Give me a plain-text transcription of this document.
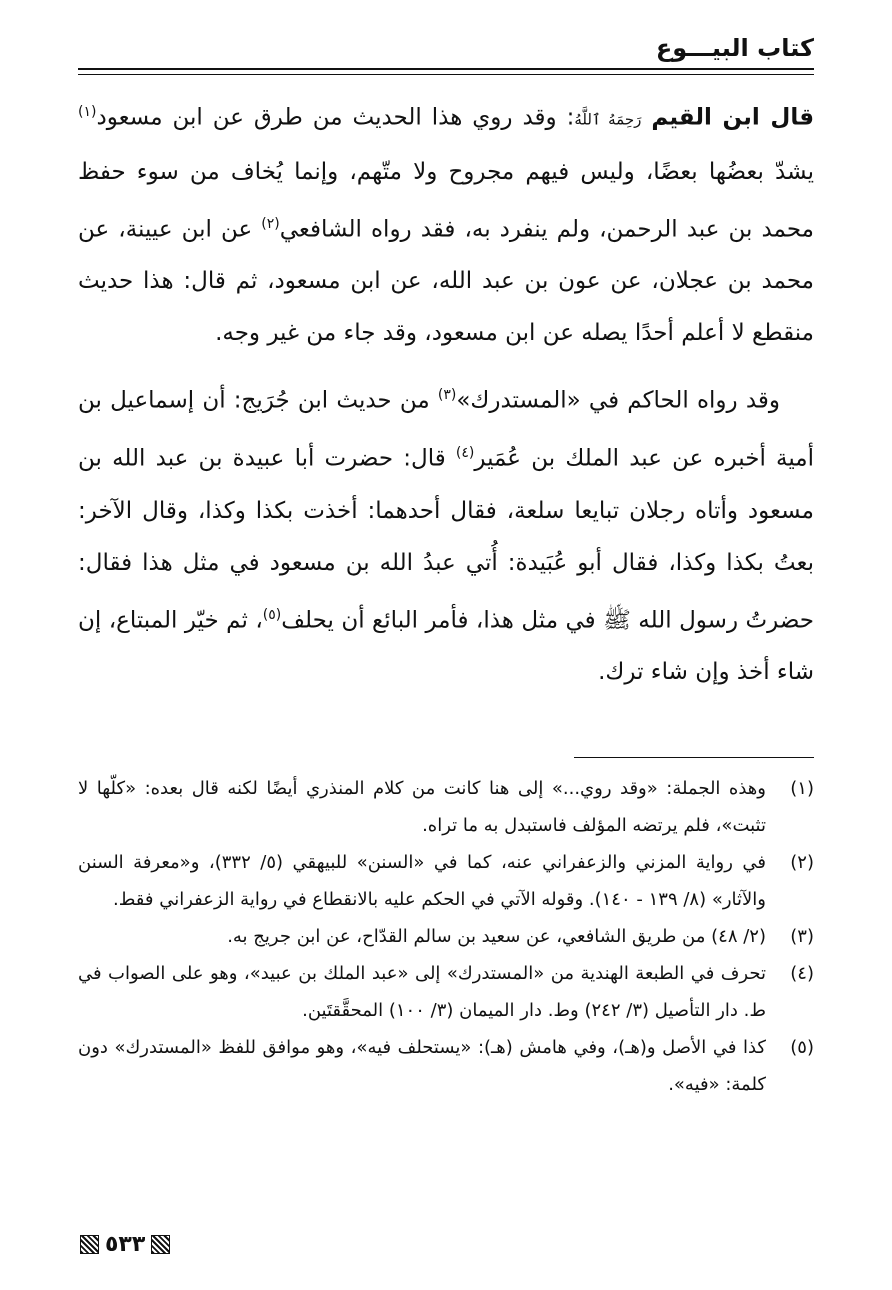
كتاب البيـــوع

قال ابن القيم رَحِمَهُ ٱللَّهُ: وقد روي هذا الحديث من طرق عن ابن مسعود$^{(١)}$ يشدّ بعضُها بعضًا، وليس فيهم مجروح ولا متّهم، وإنما يُخاف من سوء حفظ محمد بن عبد الرحمن، ولم ينفرد به، فقد رواه الشافعي$^{(٢)}$ عن ابن عيينة، عن محمد بن عجلان، عن عون بن عبد الله، عن ابن مسعود، ثم قال: هذا حديث منقطع لا أعلم أحدًا يصله عن ابن مسعود، وقد جاء من غير وجه.

وقد رواه الحاكم في «المستدرك»$^{(٣)}$ من حديث ابن جُرَيج: أن إسماعيل بن أمية أخبره عن عبد الملك بن عُمَير$^{(٤)}$ قال: حضرت أبا عبيدة بن عبد الله بن مسعود وأتاه رجلان تبايعا سلعة، فقال أحدهما: أخذت بكذا وكذا، وقال الآخر: بعتُ بكذا وكذا، فقال أبو عُبَيدة: أُتي عبدُ الله بن مسعود في مثل هذا فقال: حضرتُ رسول الله ﷺ في مثل هذا، فأمر البائع أن يحلف$^{(٥)}$، ثم خيّر المبتاع، إن شاء أخذ وإن شاء ترك.

(١)
وهذه الجملة: «وقد روي...» إلى هنا كانت من كلام المنذري أيضًا لكنه قال بعده: «كلّها لا تثبت»، فلم يرتضه المؤلف فاستبدل به ما تراه.
(٢)
في رواية المزني والزعفراني عنه، كما في «السنن» للبيهقي (٥/ ٣٣٢)، و«معرفة السنن والآثار» (٨/ ١٣٩ - ١٤٠). وقوله الآتي في الحكم عليه بالانقطاع في رواية الزعفراني فقط.
(٣)
(٢/ ٤٨) من طريق الشافعي، عن سعيد بن سالم القدّاح، عن ابن جريج به.
(٤)
تحرف في الطبعة الهندية من «المستدرك» إلى «عبد الملك بن عبيد»، وهو على الصواب في ط. دار التأصيل (٣/ ٢٤٢) وط. دار الميمان (٣/ ١٠٠) المحقَّقتَين.
(٥)
كذا في الأصل و(هـ)، وفي هامش (هـ): «يستحلف فيه»، وهو موافق للفظ «المستدرك» دون كلمة: «فيه».
٥٣٣
